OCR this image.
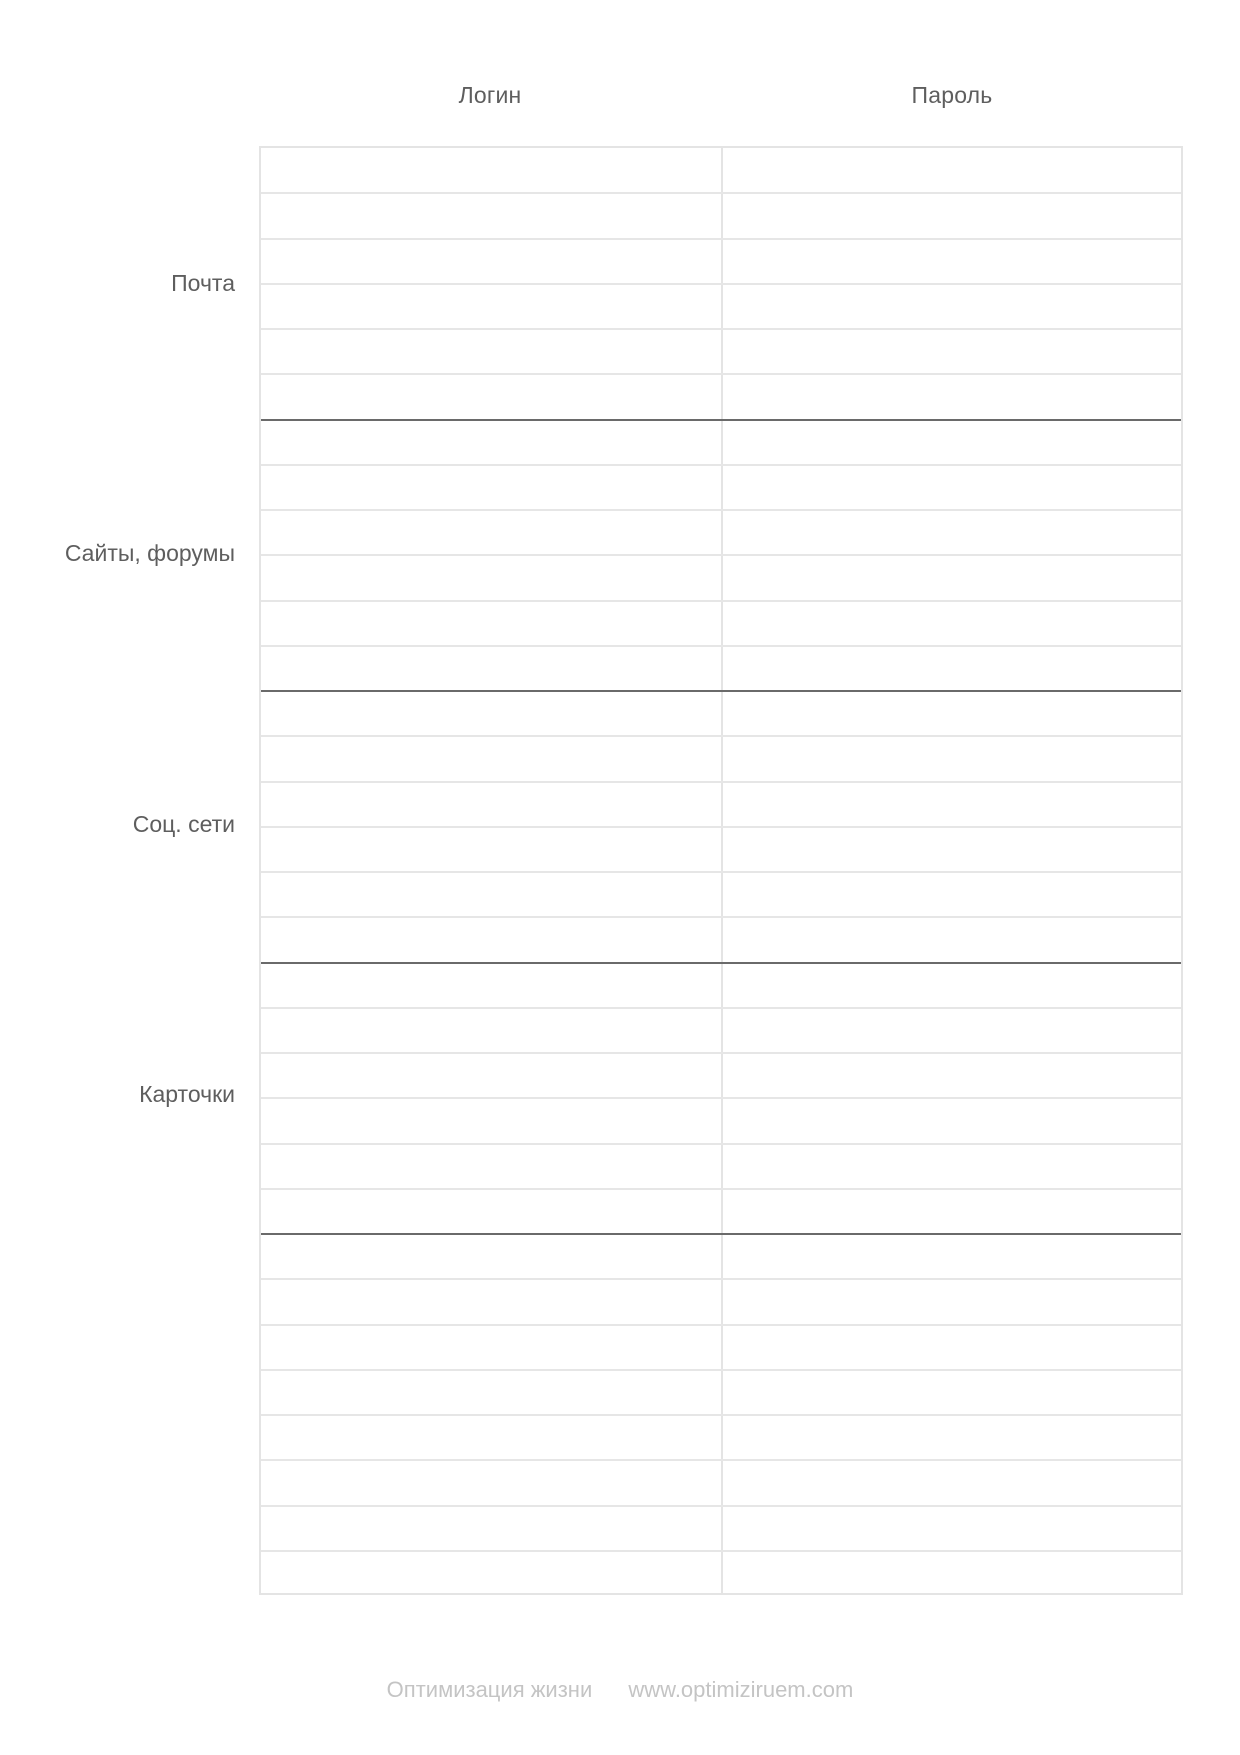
Логин	Пароль
Почта
Сайты, форумы
Соц. сети
Карточки
Оптимизация жизни www.optimiziruem.com
